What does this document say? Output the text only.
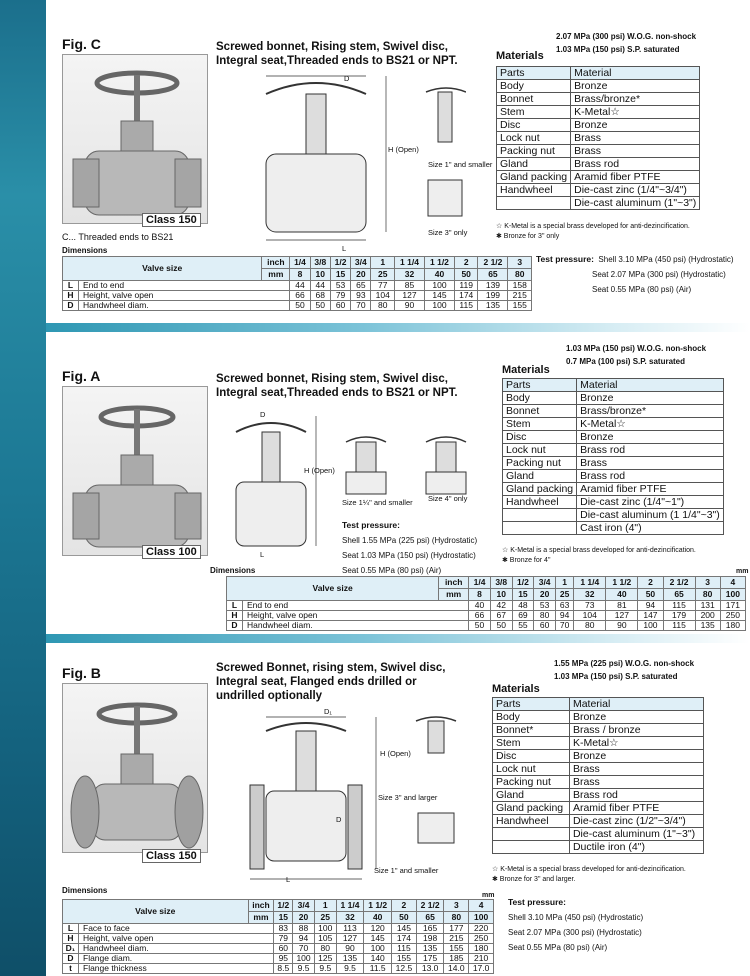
Fig. C
Class 150
C... Threaded ends to BS21
Screwed bonnet, Rising stem, Swivel disc,
Integral seat,Threaded ends to BS21 or NPT.
D
H (Open)
Size 1" and smaller
Size 3" only
L
2.07 MPa (300 psi) W.O.G. non-shock
1.03 MPa (150 psi) S.P. saturated
Materials
Parts	Material
Body	Bronze
Bonnet	Brass/bronze*
Stem	K-Metal☆
Disc	Bronze
Lock nut	Brass
Packing nut	Brass
Gland	Brass rod
Gland packing	Aramid fiber PTFE
Handwheel	Die-cast zinc (1/4"~3/4")
	Die-cast aluminum (1"~3")
☆ K-Metal is a special brass developed for anti-dezincification.
✱ Bronze for 3" only
Dimensions
Valve size		inch	1/4	3/8	1/2	3/4	1	1 1/4	1 1/2	2	2 1/2	3
		mm	8	10	15	20	25	32	40	50	65	80
L	End to end		44	44	53	65	77	85	100	119	139	158
H	Height, valve open		66	68	79	93	104	127	145	174	199	215
D	Handwheel diam.		50	50	60	70	80	90	100	115	135	155
Test pressure: Shell 3.10 MPa (450 psi) (Hydrostatic)
Seat 2.07 MPa (300 psi) (Hydrostatic)
Seat 0.55 MPa (80 psi) (Air)
Fig. A
Class 100
Screwed bonnet, Rising stem, Swivel disc,
Integral seat,Threaded ends to BS21 or NPT.
D
H (Open)
Size 1¼" and smaller Size 4" only
L
Test pressure:
Shell 1.55 MPa (225 psi) (Hydrostatic)
Seat 1.03 MPa (150 psi) (Hydrostatic)
Seat 0.55 MPa (80 psi) (Air)
1.03 MPa (150 psi) W.O.G. non-shock
0.7 MPa (100 psi) S.P. saturated
Materials
Parts	Material
Body	Bronze
Bonnet	Brass/bronze*
Stem	K-Metal☆
Disc	Bronze
Lock nut	Brass rod
Packing nut	Brass
Gland	Brass rod
Gland packing	Aramid fiber PTFE
Handwheel	Die-cast zinc (1/4"~1")
	Die-cast aluminum (1 1/4"~3")
	Cast iron (4")
☆ K-Metal is a special brass developed for anti-dezincification.
✱ Bronze for 4"
Dimensions	mm
Valve size		inch	1/4	3/8	1/2	3/4	1	1 1/4	1 1/2	2	2 1/2	3	4
		mm	8	10	15	20	25	32	40	50	65	80	100
L	End to end		40	42	48	53	63	73	81	94	115	131	171
H	Height, valve open		66	67	69	80	94	104	127	147	179	200	250
D	Handwheel diam.		50	50	55	60	70	80	90	100	115	135	180
Fig. B
Class 150
Screwed Bonnet, rising stem, Swivel disc,
Integral seat, Flanged ends drilled or
undrilled optionally
D₁
H (Open)
Size 3" and larger
D
Size 1" and smaller
L
1.55 MPa (225 psi) W.O.G. non-shock
1.03 MPa (150 psi) S.P. saturated
Materials
Parts	Material
Body	Bronze
Bonnet*	Brass / bronze
Stem	K-Metal☆
Disc	Bronze
Lock nut	Brass
Packing nut	Brass
Gland	Brass rod
Gland packing	Aramid fiber PTFE
Handwheel	Die-cast zinc (1/2"~3/4")
	Die-cast aluminum (1"~3")
	Ductile iron (4")
☆ K-Metal is a special brass developed for anti-dezincification.
✱ Bronze for 3" and larger.
Dimensions
mm
Valve size		inch	1/2	3/4	1	1 1/4	1 1/2	2	2 1/2	3	4
		mm	15	20	25	32	40	50	65	80	100
L	Face to face		83	88	100	113	120	145	165	177	220
H	Height, valve open		79	94	105	127	145	174	198	215	250
D₁	Handwheel diam.		60	70	80	90	100	115	135	155	180
D	Flange diam.		95	100	125	135	140	155	175	185	210
t	Flange thickness		8.5	9.5	9.5	9.5	11.5	12.5	13.0	14.0	17.0
Test pressure:
Shell 3.10 MPa (450 psi) (Hydrostatic)
Seat 2.07 MPa (300 psi) (Hydrostatic)
Seat 0.55 MPa (80 psi) (Air)
